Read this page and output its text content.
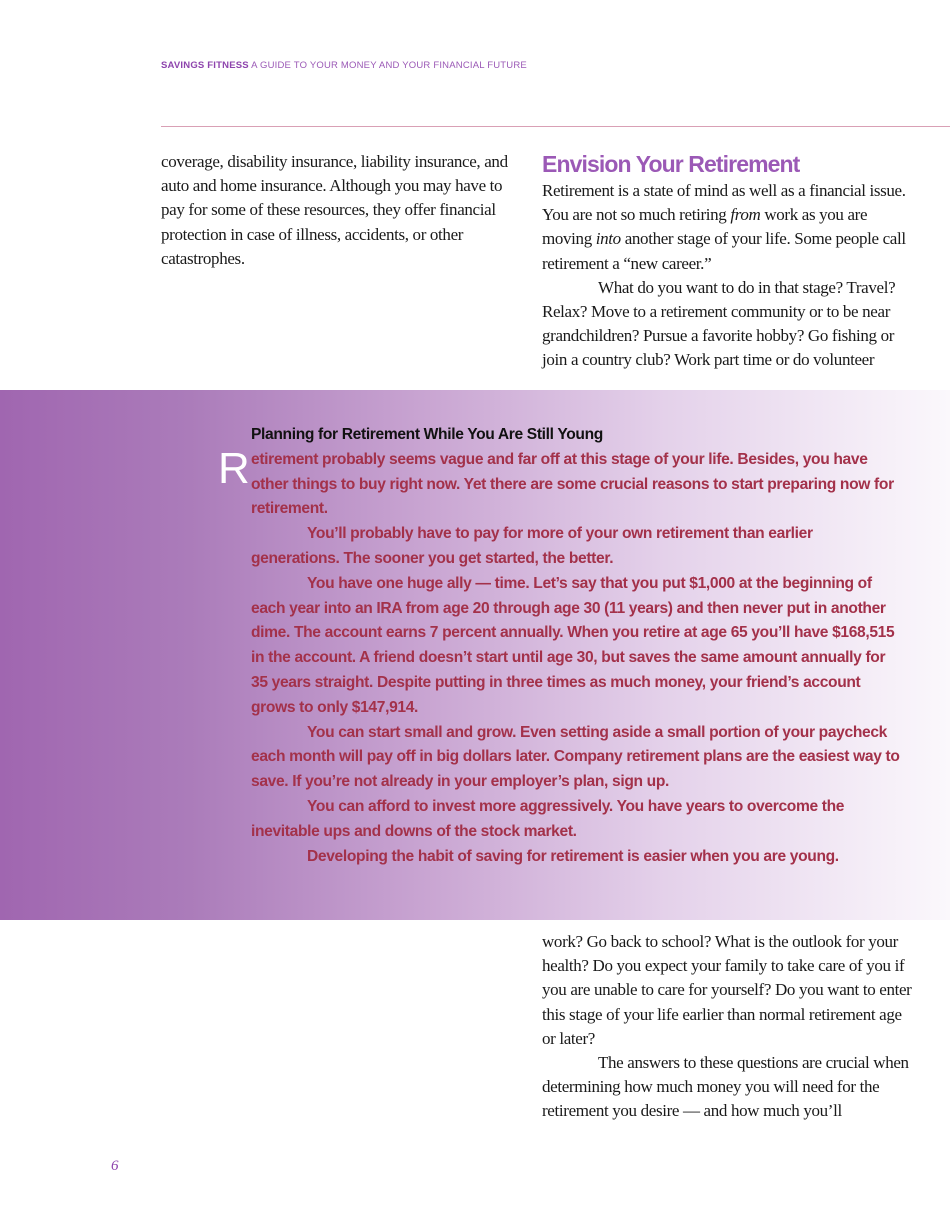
SAVINGS FITNESS A GUIDE TO YOUR MONEY AND YOUR FINANCIAL FUTURE

coverage, disability insurance, liability insurance, and auto and home insurance. Although you may have to pay for some of these resources, they offer financial protection in case of illness, accidents, or other catastrophes.

Envision Your Retirement

Retirement is a state of mind as well as a financial issue. You are not so much retiring from work as you are moving into another stage of your life. Some people call retirement a “new career.”

What do you want to do in that stage? Travel? Relax? Move to a retirement community or to be near grandchildren? Pursue a favorite hobby? Go fishing or join a country club? Work part time or do volunteer

R
Planning for Retirement While You Are Still Young

etirement probably seems vague and far off at this stage of your life. Besides, you have other things to buy right now. Yet there are some crucial reasons to start preparing now for retirement.

You’ll probably have to pay for more of your own retirement than earlier generations. The sooner you get started, the better.

You have one huge ally — time. Let’s say that you put $1,000 at the beginning of each year into an IRA from age 20 through age 30 (11 years) and then never put in another dime. The account earns 7 percent annually. When you retire at age 65 you’ll have $168,515 in the account. A friend doesn’t start until age 30, but saves the same amount annually for 35 years straight. Despite putting in three times as much money, your friend’s account grows to only $147,914.

You can start small and grow. Even setting aside a small portion of your paycheck each month will pay off in big dollars later. Company retirement plans are the easiest way to save. If you’re not already in your employer’s plan, sign up.

You can afford to invest more aggressively. You have years to overcome the inevitable ups and downs of the stock market.

Developing the habit of saving for retirement is easier when you are young.

work? Go back to school? What is the outlook for your health? Do you expect your family to take care of you if you are unable to care for yourself? Do you want to enter this stage of your life earlier than normal retirement age or later?

The answers to these questions are crucial when determining how much money you will need for the retirement you desire — and how much you’ll

6
